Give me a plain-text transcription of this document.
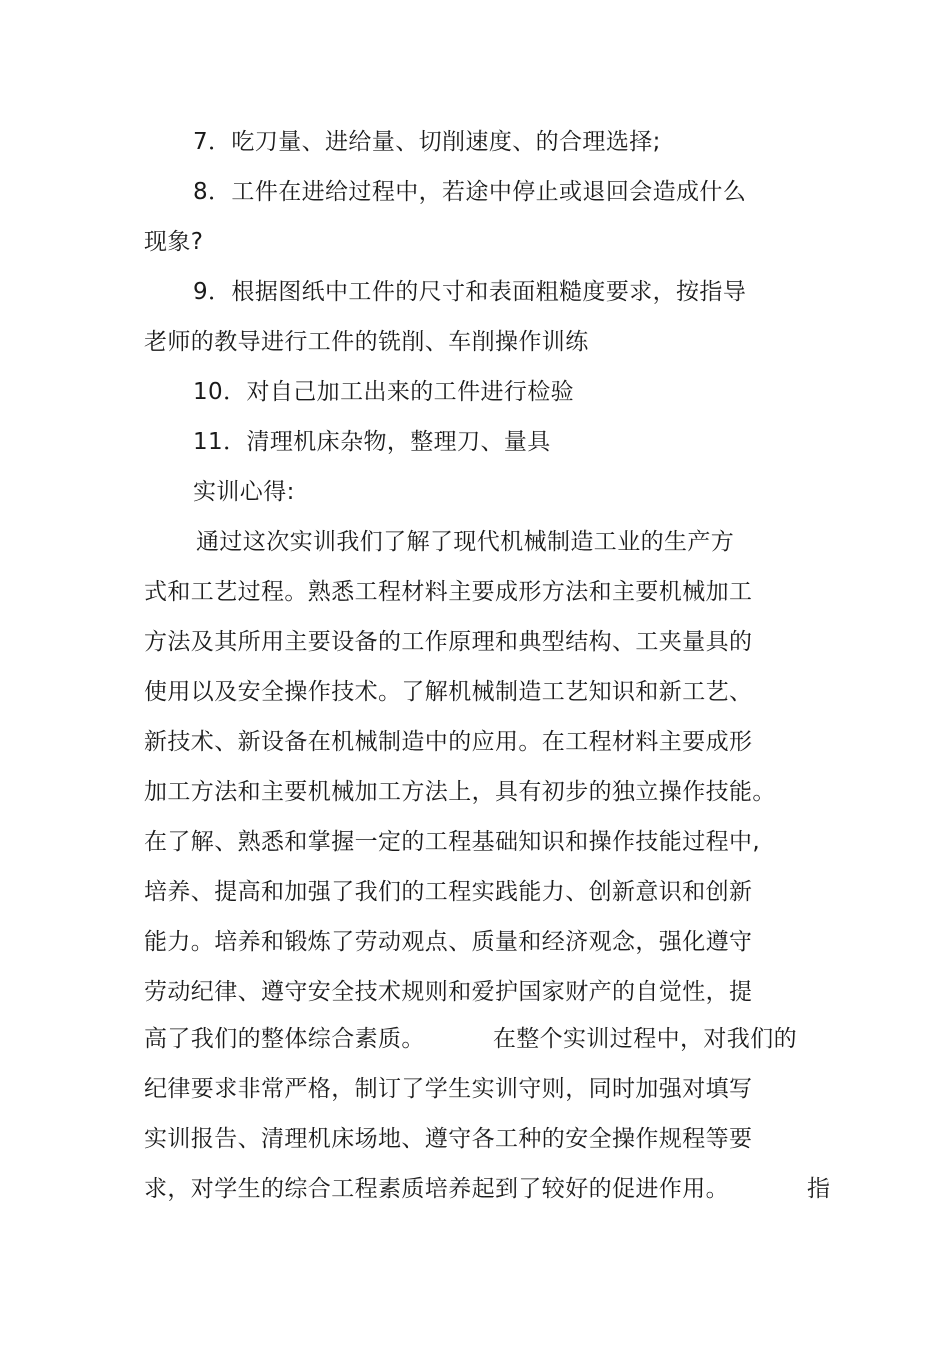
7．吃刀量、进给量、切削速度、的合理选择;
8．工件在进给过程中，若途中停止或退回会造成什么
现象?
9．根据图纸中工件的尺寸和表面粗糙度要求，按指导
老师的教导进行工件的铣削、车削操作训练
10．对自己加工出来的工件进行检验
11．清理机床杂物，整理刀、量具
实训心得:
通过这次实训我们了解了现代机械制造工业的生产方
式和工艺过程。熟悉工程材料主要成形方法和主要机械加工
方法及其所用主要设备的工作原理和典型结构、工夹量具的
使用以及安全操作技术。了解机械制造工艺知识和新工艺、
新技术、新设备在机械制造中的应用。在工程材料主要成形
加工方法和主要机械加工方法上，具有初步的独立操作技能。
在了解、熟悉和掌握一定的工程基础知识和操作技能过程中,
培养、提高和加强了我们的工程实践能力、创新意识和创新
能力。培养和锻炼了劳动观点、质量和经济观念，强化遵守
劳动纪律、遵守安全技术规则和爱护国家财产的自觉性，提
高了我们的整体综合素质。	在整个实训过程中，对我们的
纪律要求非常严格，制订了学生实训守则，同时加强对填写
实训报告、清理机床场地、遵守各工种的安全操作规程等要
求，对学生的综合工程素质培养起到了较好的促进作用。	指
